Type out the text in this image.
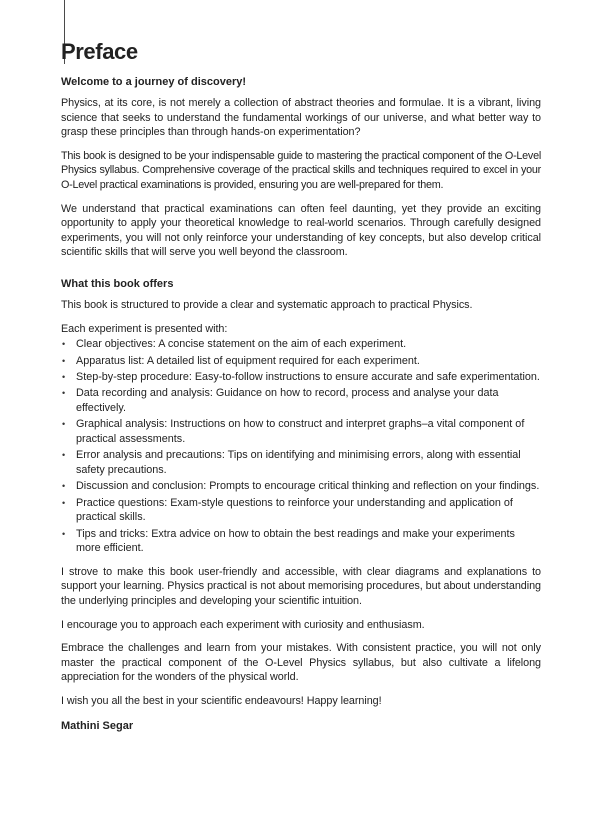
Preface
Welcome to a journey of discovery!

Physics, at its core, is not merely a collection of abstract theories and formulae. It is a vibrant, living science that seeks to understand the fundamental workings of our universe, and what better way to grasp these principles than through hands-on experimentation?

This book is designed to be your indispensable guide to mastering the practical component of the O-Level Physics syllabus. Comprehensive coverage of the practical skills and techniques required to excel in your O-Level practical examinations is provided, ensuring you are well-prepared for them.

We understand that practical examinations can often feel daunting, yet they provide an exciting opportunity to apply your theoretical knowledge to real-world scenarios. Through carefully designed experiments, you will not only reinforce your understanding of key concepts, but also develop critical scientific skills that will serve you well beyond the classroom.

What this book offers

This book is structured to provide a clear and systematic approach to practical Physics.

Each experiment is presented with:

• Clear objectives: A concise statement on the aim of each experiment.
• Apparatus list: A detailed list of equipment required for each experiment.
• Step-by-step procedure: Easy-to-follow instructions to ensure accurate and safe experimentation.
• Data recording and analysis: Guidance on how to record, process and analyse your data effectively.
• Graphical analysis: Instructions on how to construct and interpret graphs–a vital component of practical assessments.
• Error analysis and precautions: Tips on identifying and minimising errors, along with essential safety precautions.
• Discussion and conclusion: Prompts to encourage critical thinking and reflection on your findings.
• Practice questions: Exam-style questions to reinforce your understanding and application of practical skills.
• Tips and tricks: Extra advice on how to obtain the best readings and make your experiments more efficient.

I strove to make this book user-friendly and accessible, with clear diagrams and explanations to support your learning. Physics practical is not about memorising procedures, but about understanding the underlying principles and developing your scientific intuition.

I encourage you to approach each experiment with curiosity and enthusiasm.

Embrace the challenges and learn from your mistakes. With consistent practice, you will not only master the practical component of the O-Level Physics syllabus, but also cultivate a lifelong appreciation for the wonders of the physical world.

I wish you all the best in your scientific endeavours! Happy learning!

Mathini Segar
